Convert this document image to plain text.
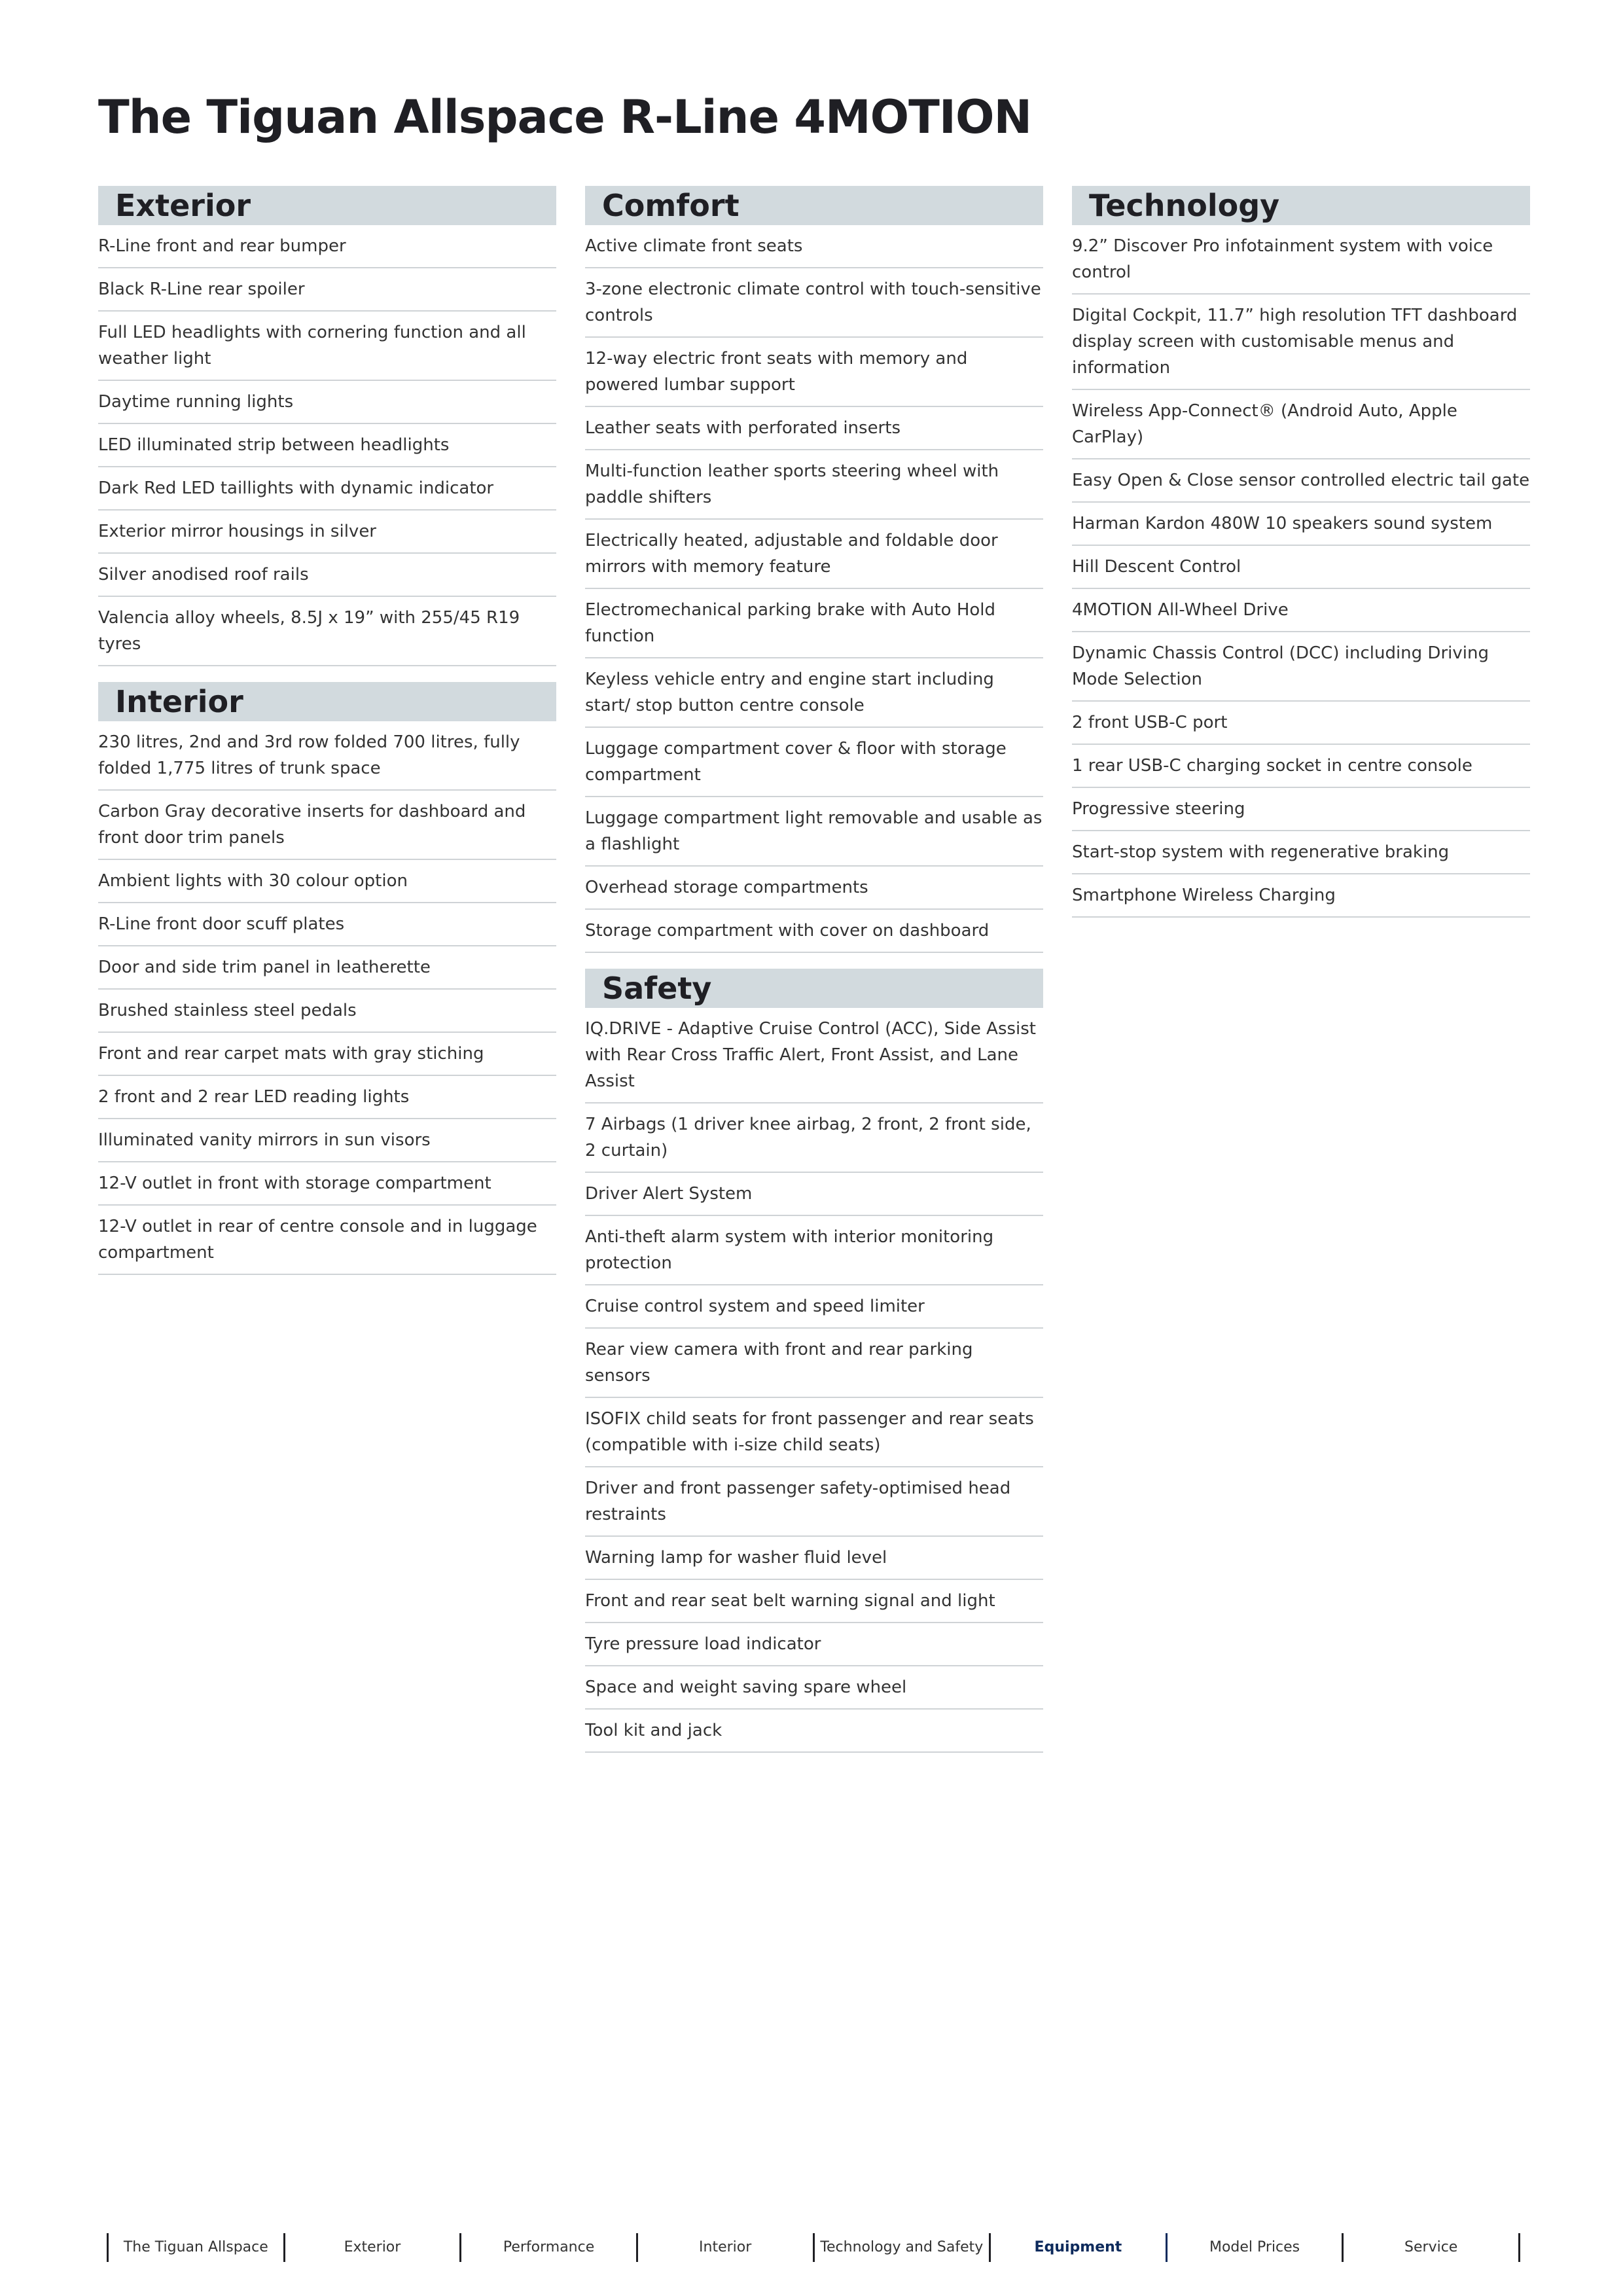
The Tiguan Allspace R-Line 4MOTION
Exterior
R-Line front and rear bumper
Black R-Line rear spoiler
Full LED headlights with cornering function and all weather light
Daytime running lights
LED illuminated strip between headlights
Dark Red LED taillights with dynamic indicator
Exterior mirror housings in silver
Silver anodised roof rails
Valencia alloy wheels, 8.5J x 19” with 255/45 R19 tyres
Interior
230 litres, 2nd and 3rd row folded 700 litres, fully folded 1,775 litres of trunk space
Carbon Gray decorative inserts for dashboard and front door trim panels
Ambient lights with 30 colour option
R-Line front door scuff plates
Door and side trim panel in leatherette
Brushed stainless steel pedals
Front and rear carpet mats with gray stiching
2 front and 2 rear LED reading lights
Illuminated vanity mirrors in sun visors
12-V outlet in front with storage compartment
12-V outlet in rear of centre console and in luggage compartment
Comfort
Active climate front seats
3-zone electronic climate control with touch-sensitive controls
12-way electric front seats with memory and powered lumbar support
Leather seats with perforated inserts
Multi-function leather sports steering wheel with paddle shifters
Electrically heated, adjustable and foldable door mirrors with memory feature
Electromechanical parking brake with Auto Hold function
Keyless vehicle entry and engine start including start/ stop button centre console
Luggage compartment cover & floor with storage compartment
Luggage compartment light removable and usable as a flashlight
Overhead storage compartments
Storage compartment with cover on dashboard
Safety
IQ.DRIVE - Adaptive Cruise Control (ACC), Side Assist with Rear Cross Traffic Alert, Front Assist, and Lane Assist
7 Airbags (1 driver knee airbag, 2 front, 2 front side, 2 curtain)
Driver Alert System
Anti-theft alarm system with interior monitoring protection
Cruise control system and speed limiter
Rear view camera with front and rear parking sensors
ISOFIX child seats for front passenger and rear seats (compatible with i-size child seats)
Driver and front passenger safety-optimised head restraints
Warning lamp for washer fluid level
Front and rear seat belt warning signal and light
Tyre pressure load indicator
Space and weight saving spare wheel
Tool kit and jack
Technology
9.2” Discover Pro infotainment system with voice control
Digital Cockpit, 11.7” high resolution TFT dashboard display screen with customisable menus and information
Wireless App-Connect® (Android Auto, Apple CarPlay)
Easy Open & Close sensor controlled electric tail gate
Harman Kardon 480W 10 speakers sound system
Hill Descent Control
4MOTION All-Wheel Drive
Dynamic Chassis Control (DCC) including Driving Mode Selection
2 front USB-C port
1 rear USB-C charging socket in centre console
Progressive steering
Start-stop system with regenerative braking
Smartphone Wireless Charging
The Tiguan Allspace	Exterior	Performance	Interior	Technology and Safety	Equipment	Model Prices	Service
